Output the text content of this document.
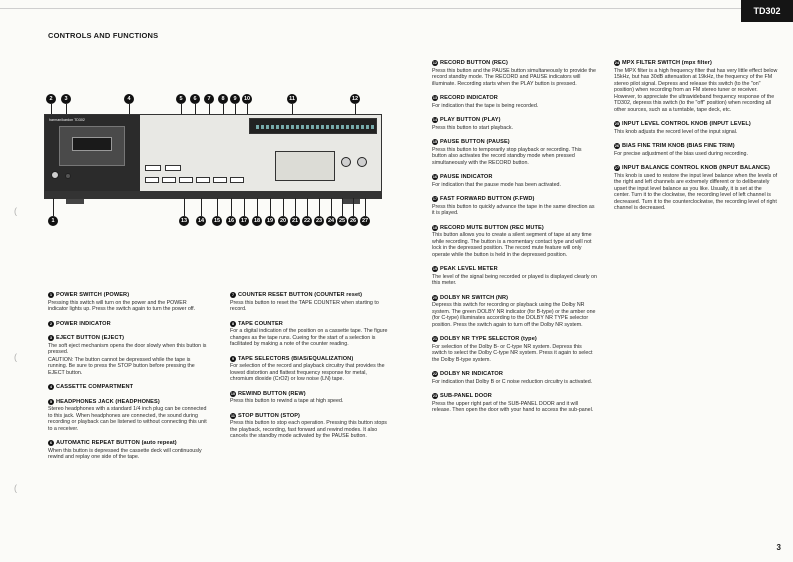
TD302
CONTROLS AND FUNCTIONS
(
(
(
2	3	4	5	6	7	8	9	10	11	12
harman/kardon TD302
1	13	14	15	16	17	18	19	20	21	22	23	24 25 26	27
1 POWER SWITCH (POWER)

Pressing this switch will turn on the power and the POWER indicator lights up. Press the switch again to turn the power off.

2 POWER INDICATOR
3 EJECT BUTTON (EJECT)

The soft eject mechanism opens the door slowly when this button is pressed.

CAUTION: The button cannot be depressed while the tape is running. Be sure to press the STOP button before pressing the EJECT button.

4 CASSETTE COMPARTMENT
5 HEADPHONES JACK (HEADPHONES)

Stereo headphones with a standard 1/4 inch plug can be connected to this jack. When headphones are connected, the sound during recording or playback can be listened to without connecting this unit to a receiver.

6 AUTOMATIC REPEAT BUTTON (auto repeat)

When this button is depressed the cassette deck will continuously rewind and replay one side of the tape.

7 COUNTER RESET BUTTON (COUNTER reset)

Press this button to reset the TAPE COUNTER when starting to record.

8 TAPE COUNTER

For a digital indication of the position on a cassette tape. The figure changes as the tape runs. Cueing for the start of a selection is facilitated by making a note of the counter reading.

9 TAPE SELECTORS (BIAS/EQUALIZATION)

For selection of the record and playback circuitry that provides the lowest distortion and flattest frequency response for metal, chromium dioxide (CrO2) or low noise (LN) tape.

10 REWIND BUTTON (REW)

Press this button to rewind a tape at high speed.

11 STOP BUTTON (STOP)

Press this button to stop each operation. Pressing this button stops the playback, recording, fast forward and rewind modes. It also cancels the standby mode activated by the PAUSE button.

12 RECORD BUTTON (REC)

Press this button and the PAUSE button simultaneously to provide the record standby mode. The RECORD and PAUSE indicators will illuminate. Recording starts when the PLAY button is pressed.

13 RECORD INDICATOR

For indication that the tape is being recorded.

14 PLAY BUTTON (PLAY)

Press this button to start playback.

15 PAUSE BUTTON (PAUSE)

Press this button to temporarily stop playback or recording. This button also activates the record standby mode when pressed simultaneously with the RECORD button.

16 PAUSE INDICATOR

For indication that the pause mode has been activated.

17 FAST FORWARD BUTTON (F.FWD)

Press this button to quickly advance the tape in the same direction as it is played.

18 RECORD MUTE BUTTON (REC MUTE)

This button allows you to create a silent segment of tape at any time while recording. The button is a momentary contact type and will not lock in the depressed position. The record mute feature will only operate while the button is held in the depressed position.

19 PEAK LEVEL METER

The level of the signal being recorded or played is displayed clearly on this meter.

20 DOLBY NR SWITCH (NR)

Depress this switch for recording or playback using the Dolby NR system. The green DOLBY NR indicator (for B-type) or the amber one (for C-type) illuminates according to the DOLBY NR TYPE selector position. Press the switch again to turn off the Dolby NR system.

21 DOLBY NR TYPE SELECTOR (type)

For selection of the Dolby B- or C-type NR system. Depress this switch to select the Dolby C-type NR system. Press it again to select the Dolby B-type system.

22 DOLBY NR INDICATOR

For indication that Dolby B or C noise reduction circuitry is activated.

23 SUB-PANEL DOOR

Press the upper right part of the SUB-PANEL DOOR and it will release. Then open the door with your hand to access the sub-panel.

24 MPX FILTER SWITCH (mpx filter)

The MPX filter is a high frequency filter that has very little effect below 15kHz, but has 30dB attenuation at 19kHz, the frequency of the FM stereo pilot signal. Depress and release this switch (to the "on" position) when recording from an FM stereo tuner or receiver. However, to appreciate the ultrawideband frequency response of the TD302, depress this switch (to the "off" position) when recording all other sources, such as a turntable, tape deck, etc.

25 INPUT LEVEL CONTROL KNOB (INPUT LEVEL)

This knob adjusts the record level of the input signal.

26 BIAS FINE TRIM KNOB (BIAS FINE TRIM)

For precise adjustment of the bias used during recording.

27 INPUT BALANCE CONTROL KNOB (INPUT BALANCE)

This knob is used to restore the input level balance when the levels of the right and left channels are extremely different or to deliberately upset the input level balance as you like. Usually, it is set at the center. Turn it to the clockwise, the recording level of left channel is decreased. Turn it to the counterclockwise, the recording level of right channel is decreased.

3
